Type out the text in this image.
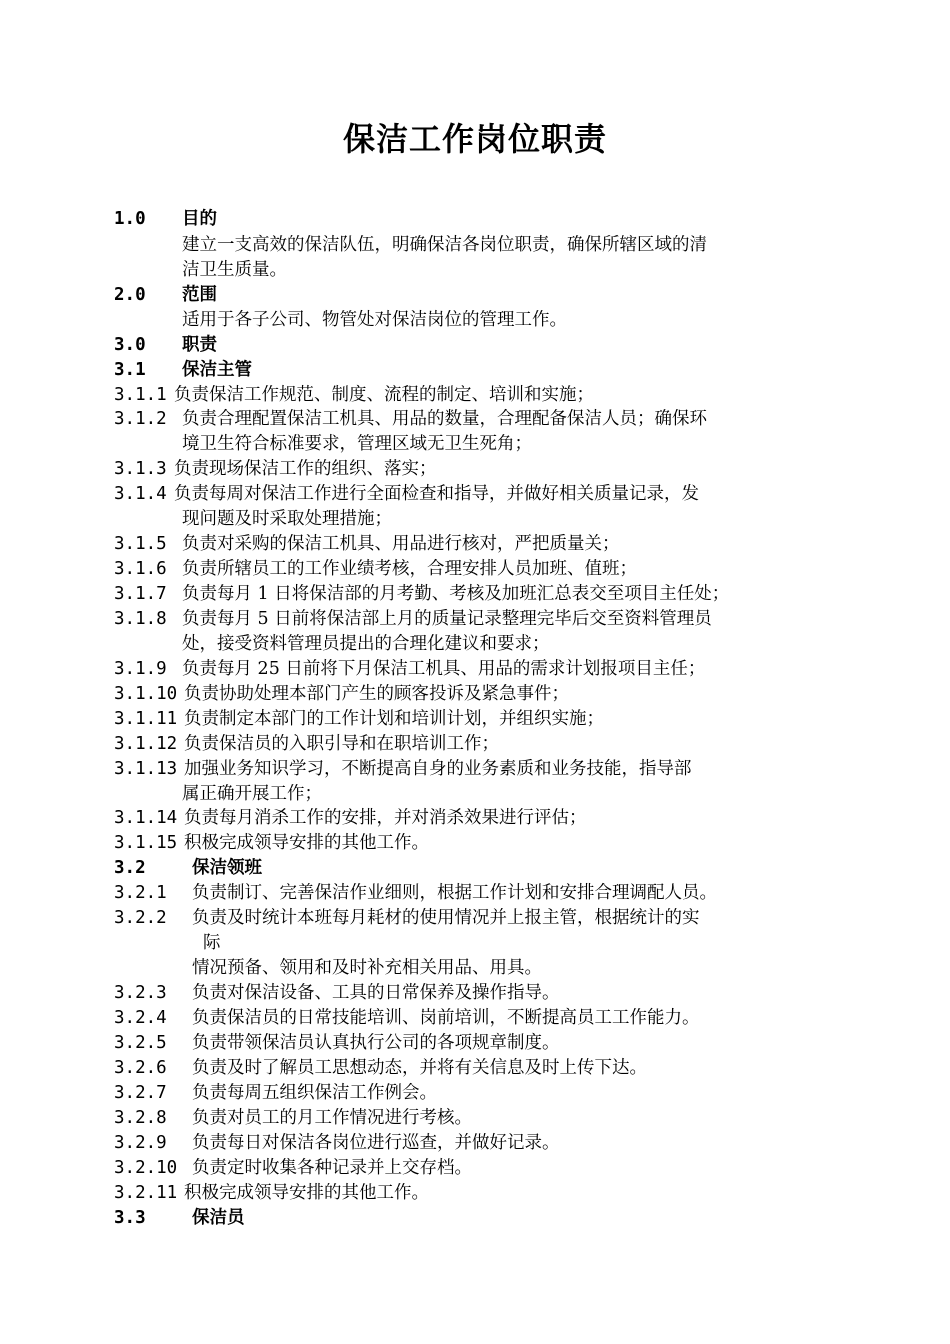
保洁工作岗位职责
1.0 目的
建立一支高效的保洁队伍，明确保洁各岗位职责，确保所辖区域的清
洁卫生质量。
2.0 范围
适用于各子公司、物管处对保洁岗位的管理工作。
3.0 职责
3.1 保洁主管
3.1.1 负责保洁工作规范、制度、流程的制定、培训和实施；
3.1.2 负责合理配置保洁工机具、用品的数量，合理配备保洁人员；确保环
境卫生符合标准要求，管理区域无卫生死角；
3.1.3 负责现场保洁工作的组织、落实；
3.1.4 负责每周对保洁工作进行全面检查和指导，并做好相关质量记录，发
现问题及时采取处理措施；
3.1.5 负责对采购的保洁工机具、用品进行核对，严把质量关；
3.1.6 负责所辖员工的工作业绩考核，合理安排人员加班、值班；
3.1.7 负责每月 1 日将保洁部的月考勤、考核及加班汇总表交至项目主任处；
3.1.8 负责每月 5 日前将保洁部上月的质量记录整理完毕后交至资料管理员
处，接受资料管理员提出的合理化建议和要求；
3.1.9 负责每月 25 日前将下月保洁工机具、用品的需求计划报项目主任；
3.1.10 负责协助处理本部门产生的顾客投诉及紧急事件；
3.1.11 负责制定本部门的工作计划和培训计划，并组织实施；
3.1.12 负责保洁员的入职引导和在职培训工作；
3.1.13 加强业务知识学习，不断提高自身的业务素质和业务技能，指导部
属正确开展工作；
3.1.14 负责每月消杀工作的安排，并对消杀效果进行评估；
3.1.15 积极完成领导安排的其他工作。
3.2	保洁领班
3.2.1 负责制订、完善保洁作业细则，根据工作计划和安排合理调配人员。
3.2.2 负责及时统计本班每月耗材的使用情况并上报主管，根据统计的实
际
情况预备、领用和及时补充相关用品、用具。
3.2.3 负责对保洁设备、工具的日常保养及操作指导。
3.2.4 负责保洁员的日常技能培训、岗前培训，不断提高员工工作能力。
3.2.5 负责带领保洁员认真执行公司的各项规章制度。
3.2.6 负责及时了解员工思想动态，并将有关信息及时上传下达。
3.2.7 负责每周五组织保洁工作例会。
3.2.8 负责对员工的月工作情况进行考核。
3.2.9 负责每日对保洁各岗位进行巡查，并做好记录。
3.2.10 负责定时收集各种记录并上交存档。
3.2.11 积极完成领导安排的其他工作。
3.3	保洁员
